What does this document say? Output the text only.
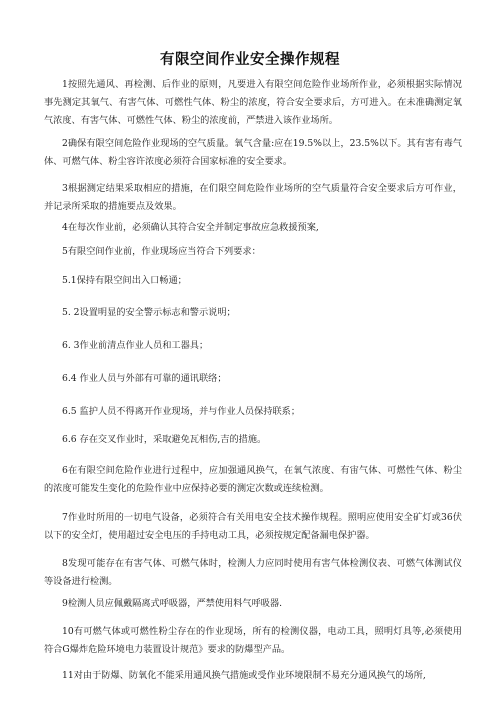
有限空间作业安全操作规程
1按照先通风、再检测、后作业的原则，凡要进入有限空间危险作业场所作业，必须根据实际情况事先测定其氧气、有害气体、可燃性气体、粉尘的浓度，符合安全要求后，方可进入。在未准确测定氧气浓度、有害气体、可燃性气体、粉尘的浓度前，严禁进入该作业场所。
2确保有限空间危险作业现场的空气质量。氧气含量:应在19.5%以上，23.5%以下。其有害有毒气体、可燃气体、粉尘容许浓度必须符合国家标准的安全要求。
3根据测定结果采取相应的措施，在们限空间危险作业场所的空气质量符合安全要求后方可作业，并记录所采取的措施要点及效果。
4在每次作业前，必须确认其符合安全并制定事故应急救援预案,
5有限空间作业前，作业现场应当符合下列要求：
5.1保持有限空间出入口畅通；
5. 2设置明显的安全警示标志和警示说明；
6. 3作业前清点作业人员和工器具；
6.4 作业人员与外部有可靠的通讯联络；
6.5 监护人员不得离开作业现场，并与作业人员保持联系；
6.6 存在交叉作业时，采取避免瓦相伤,吉的措施。
6在有限空间危险作业进行过程中，应加强通风换气，在氧气浓度、有宙气体、可燃性气体、粉尘的浓度可能发生变化的危险作业中应保持必要的测定次数或连续检测。
7作业时所用的一切电气设备，必须符合有关用电安全技术操作规程。照明应使用安全矿灯或36伏以下的安全灯，使用超过安全电压的手持电动工具，必须按规定配备漏电保护器。
8发现可能存在有害气体、可燃气体时，检测人力应同时使用有害气体检测仪表、可燃气体测试仪等设备进行检测。
9检测人员应佩戴隔离式呼吸器，严禁使用料气呼吸器.
10有可燃气体或可燃性粉尘存在的作业现场，所有的检测仪器，电动工具，照明灯具等,必须使用符合G爆炸危险环境电力装置设计规范》要求的防爆型产品。
11对由于防爆、防氧化不能采用通风换气措施或受作业环境限制不易充分通风换气的场所,
